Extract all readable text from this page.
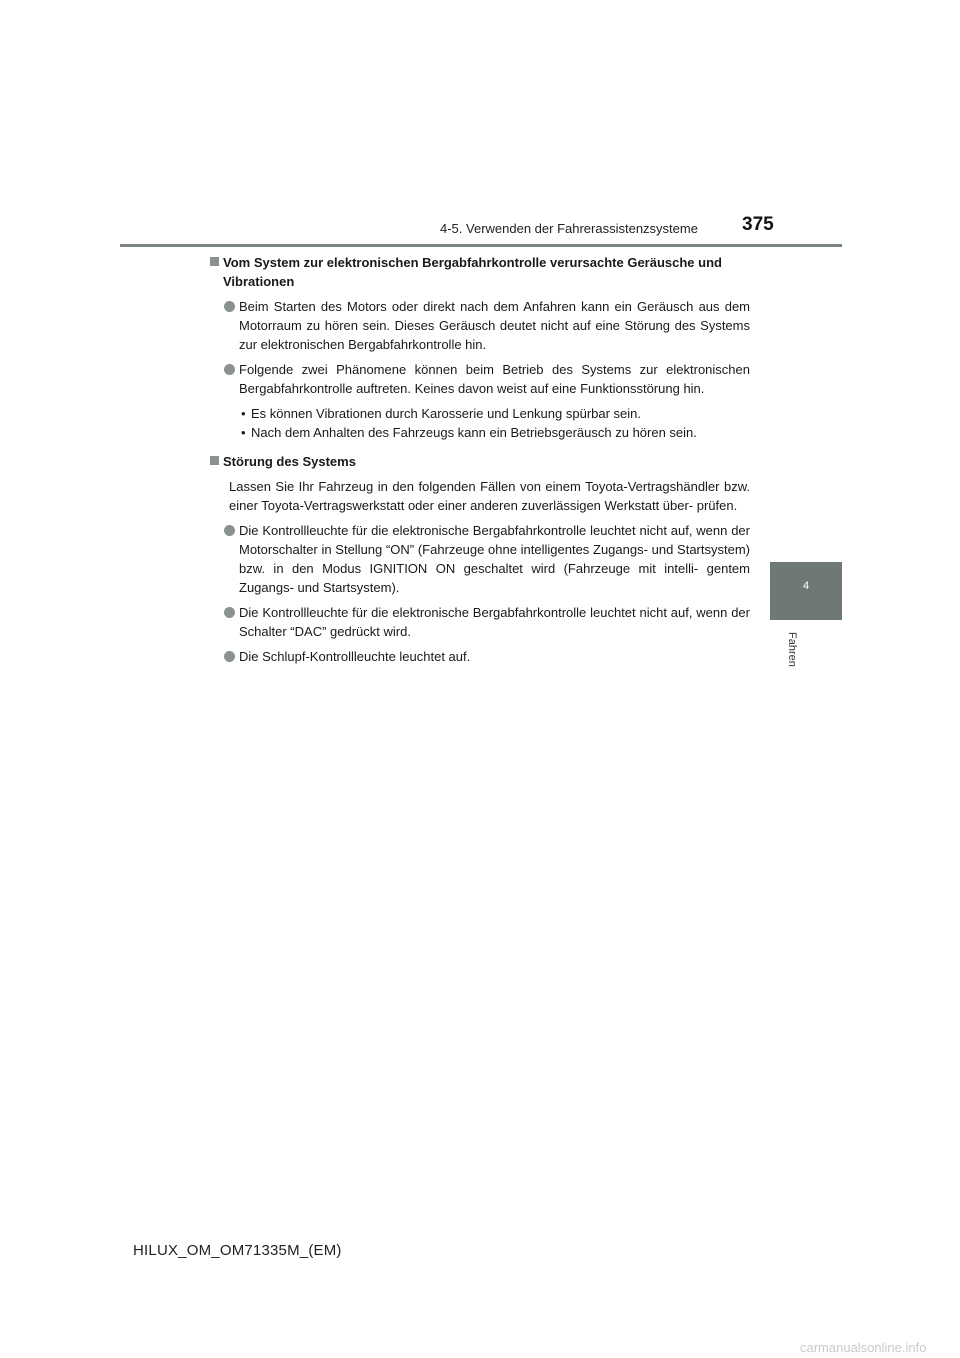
4-5. Verwenden der Fahrerassistenzsysteme 375
4
Fahren
Vom System zur elektronischen Bergabfahrkontrolle verursachte Geräusche und Vibrationen
Beim Starten des Motors oder direkt nach dem Anfahren kann ein Geräusch aus dem Motorraum zu hören sein. Dieses Geräusch deutet nicht auf eine Störung des Systems zur elektronischen Bergabfahrkontrolle hin.
Folgende zwei Phänomene können beim Betrieb des Systems zur elektronischen Bergabfahrkontrolle auftreten. Keines davon weist auf eine Funktionsstörung hin.
• Es können Vibrationen durch Karosserie und Lenkung spürbar sein.
• Nach dem Anhalten des Fahrzeugs kann ein Betriebsgeräusch zu hören sein.
Störung des Systems
Lassen Sie Ihr Fahrzeug in den folgenden Fällen von einem Toyota-Vertragshändler bzw. einer Toyota-Vertragswerkstatt oder einer anderen zuverlässigen Werkstatt über- prüfen.
Die Kontrollleuchte für die elektronische Bergabfahrkontrolle leuchtet nicht auf, wenn der Motorschalter in Stellung “ON” (Fahrzeuge ohne intelligentes Zugangs- und Startsystem) bzw. in den Modus IGNITION ON geschaltet wird (Fahrzeuge mit intelli- gentem Zugangs- und Startsystem).
Die Kontrollleuchte für die elektronische Bergabfahrkontrolle leuchtet nicht auf, wenn der Schalter “DAC” gedrückt wird.
Die Schlupf-Kontrollleuchte leuchtet auf.
HILUX_OM_OM71335M_(EM)
carmanualsonline.info
